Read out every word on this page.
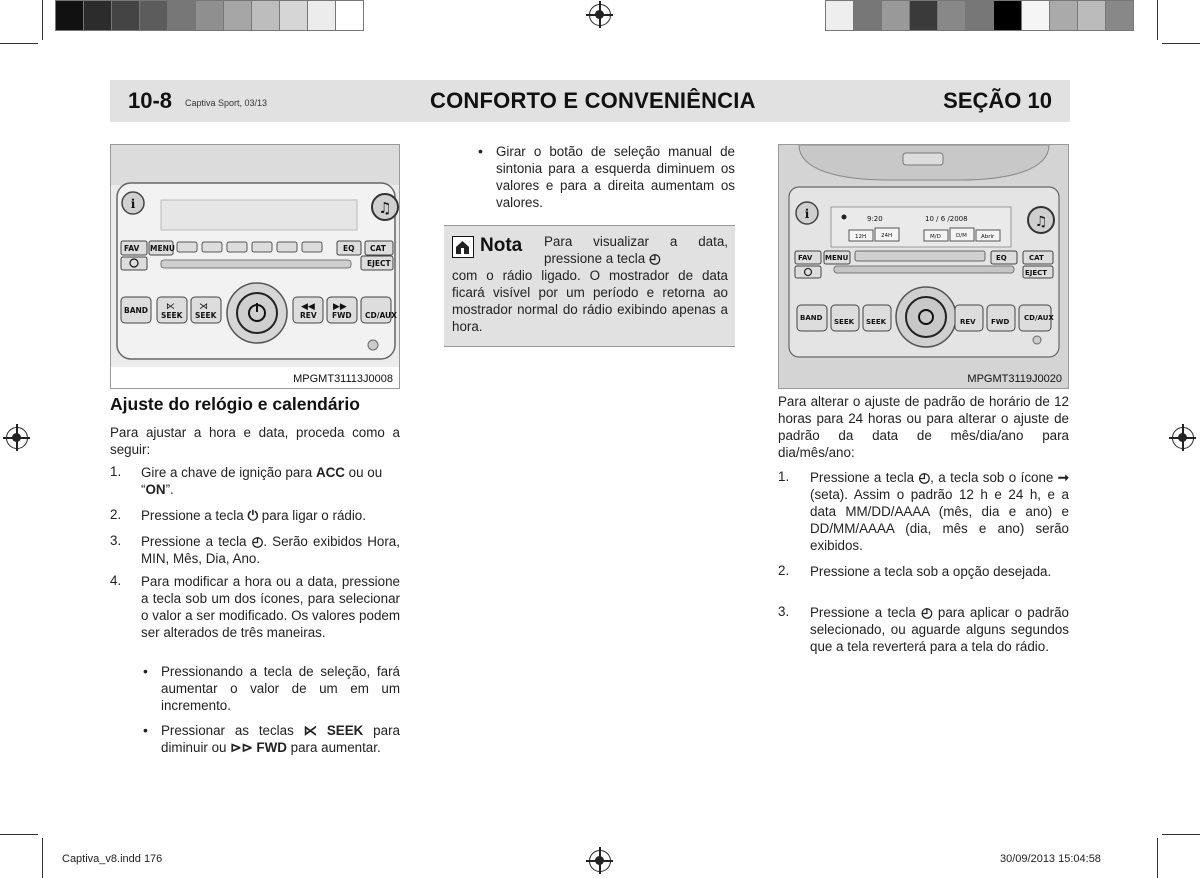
10-8 Captiva Sport, 03/13	CONFORTO E CONVENIÊNCIA	SEÇÃO 10
i	♫
FAV MENU	EQ CAT EJECT BAND SEEK SEEK	REV FWD CD/AUX
⋉	⋊	◀◀ ▶▶
MPGMT31113J0008
Ajuste do relógio e calendário
Para ajustar a hora e data, proceda como a seguir:
1. Gire a chave de ignição para ACC ou ou “ON”.
2. Pressione a tecla ⏻ para ligar o rádio.
3. Pressione a tecla ◴. Serão exibidos Hora, MIN, Mês, Dia, Ano.
4. Para modificar a hora ou a data, pressione a tecla sob um dos ícones, para selecionar o valor a ser modificado. Os valores podem ser alterados de três maneiras.
• Pressionando a tecla de seleção, fará aumentar o valor de um em um incremento.
• Pressionar as teclas ⋉ SEEK para diminuir ou ⊳⊳ FWD para aumentar.
• Girar o botão de seleção manual de sintonia para a esquerda diminuem os valores e para a direita aumentam os valores.
Nota Para visualizar a data, pressione a tecla ◴
com o rádio ligado. O mostrador de data ficará visível por um período e retorna ao mostrador normal do rádio exibindo apenas a hora.
i	♫
9:20	10 / 6 /2008
12H	24H	M/D	D/M	Abrir
FAV MENU	EQ	CAT EJECT BAND SEEK SEEK	REV FWD CD/AUX
MPGMT3119J0020
Para alterar o ajuste de padrão de horário de 12 horas para 24 horas ou para alterar o ajuste de padrão da data de mês/dia/ano para dia/mês/ano:
1. Pressione a tecla ◴, a tecla sob o ícone ➞ (seta). Assim o padrão 12 h e 24 h, e a data MM/DD/AAAA (mês, dia e ano) e DD/MM/AAAA (dia, mês e ano) serão exibidos.
2. Pressione a tecla sob a opção desejada.
3. Pressione a tecla ◴ para aplicar o padrão selecionado, ou aguarde alguns segundos que a tela reverterá para a tela do rádio.
Captiva_v8.indd 176	30/09/2013 15:04:58
